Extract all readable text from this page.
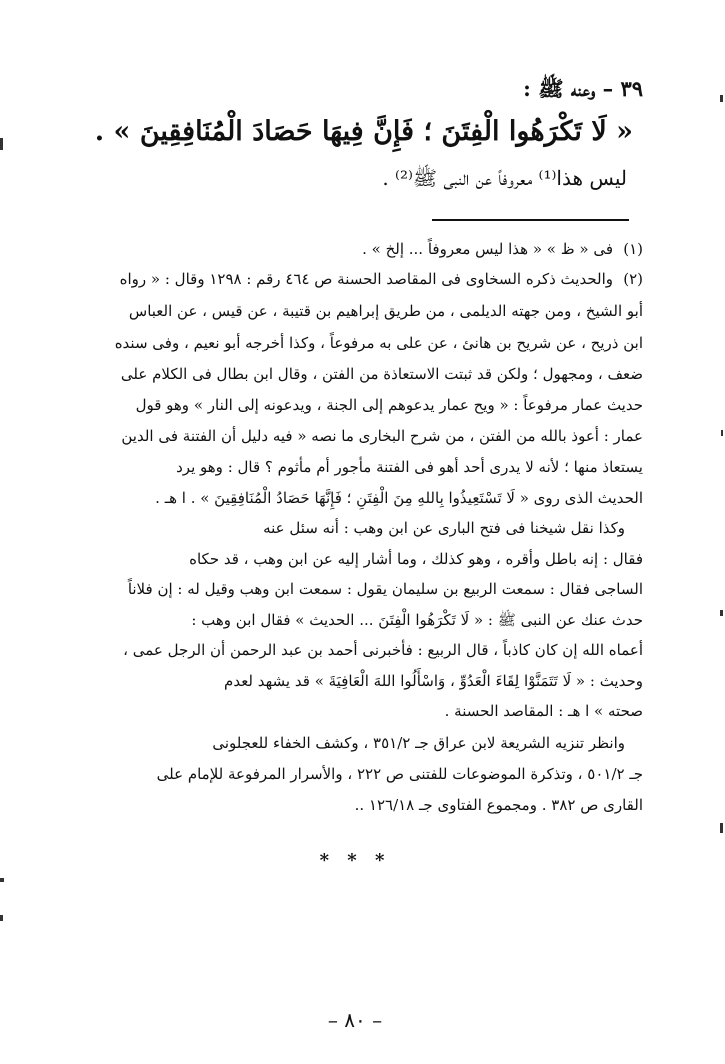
٣٩ – وعنه ﷺ :
« لَا تَكْرَهُوا الْفِتَنَ ؛ فَإِنَّ فِيهَا حَصَادَ الْمُنَافِقِينَ » .
ليس هذا⁽¹⁾ معروفاً عن النبى ﷺ⁽²⁾ .
(١)
(٢)
فى « ظ » « هذا ليس معروفاً ... إلخ » .
والحديث ذكره السخاوى فى المقاصد الحسنة ص ٤٦٤ رقم : ١٢٩٨ وقال : « رواه
أبو الشيخ ، ومن جهته الديلمى ، من طريق إبراهيم بن قتيبة ، عن قيس ، عن العباس
ابن ذريح ، عن شريح بن هانئ ، عن على به مرفوعاً ، وكذا أخرجه أبو نعيم ، وفى سنده
ضعف ، ومجهول ؛ ولكن قد ثبتت الاستعاذة من الفتن ، وقال ابن بطال فى الكلام على
حديث عمار مرفوعاً : « ويح عمار يدعوهم إلى الجنة ، ويدعونه إلى النار » وهو قول
عمار : أعوذ بالله من الفتن ، من شرح البخارى ما نصه « فيه دليل أن الفتنة فى الدين
يستعاذ منها ؛ لأنه لا يدرى أحد أهو فى الفتنة مأجور أم مأثوم ؟ قال : وهو يرد
الحديث الذى روى « لَا تَسْتَعِيذُوا بِاللهِ مِنَ الْفِتَنِ ؛ فَإِنَّهَا حَصَادُ الْمُنَافِقِينَ » . ا هـ .
وكذا نقل شيخنا فى فتح البارى عن ابن وهب : أنه سئل عنه
فقال : إنه باطل وأقره ، وهو كذلك ، وما أشار إليه عن ابن وهب ، قد حكاه
الساجى فقال : سمعت الربيع بن سليمان يقول : سمعت ابن وهب وقيل له : إن فلاناً
حدث عنك عن النبى ﷺ : « لَا تَكْرَهُوا الْفِتَنَ ... الحديث » فقال ابن وهب :
أعماه الله إن كان كاذباً ، قال الربيع : فأخبرنى أحمد بن عبد الرحمن أن الرجل عمى ،
وحديث : « لَا تَتَمَنَّوْا لِقَاءَ الْعَدُوِّ ، وَاسْأَلُوا اللهَ الْعَافِيَةَ » قد يشهد لعدم
صحته » ا هـ : المقاصد الحسنة .
وانظر تنزيه الشريعة لابن عراق جـ ٣٥١/٢ ، وكشف الخفاء للعجلونى
جـ ٥٠١/٢ ، وتذكرة الموضوعات للفتنى ص ٢٢٢ ، والأسرار المرفوعة للإمام على
القارى ص ٣٨٢ . ومجموع الفتاوى جـ ١٢٦/١٨ ..
* * *
– ٨٠ –
